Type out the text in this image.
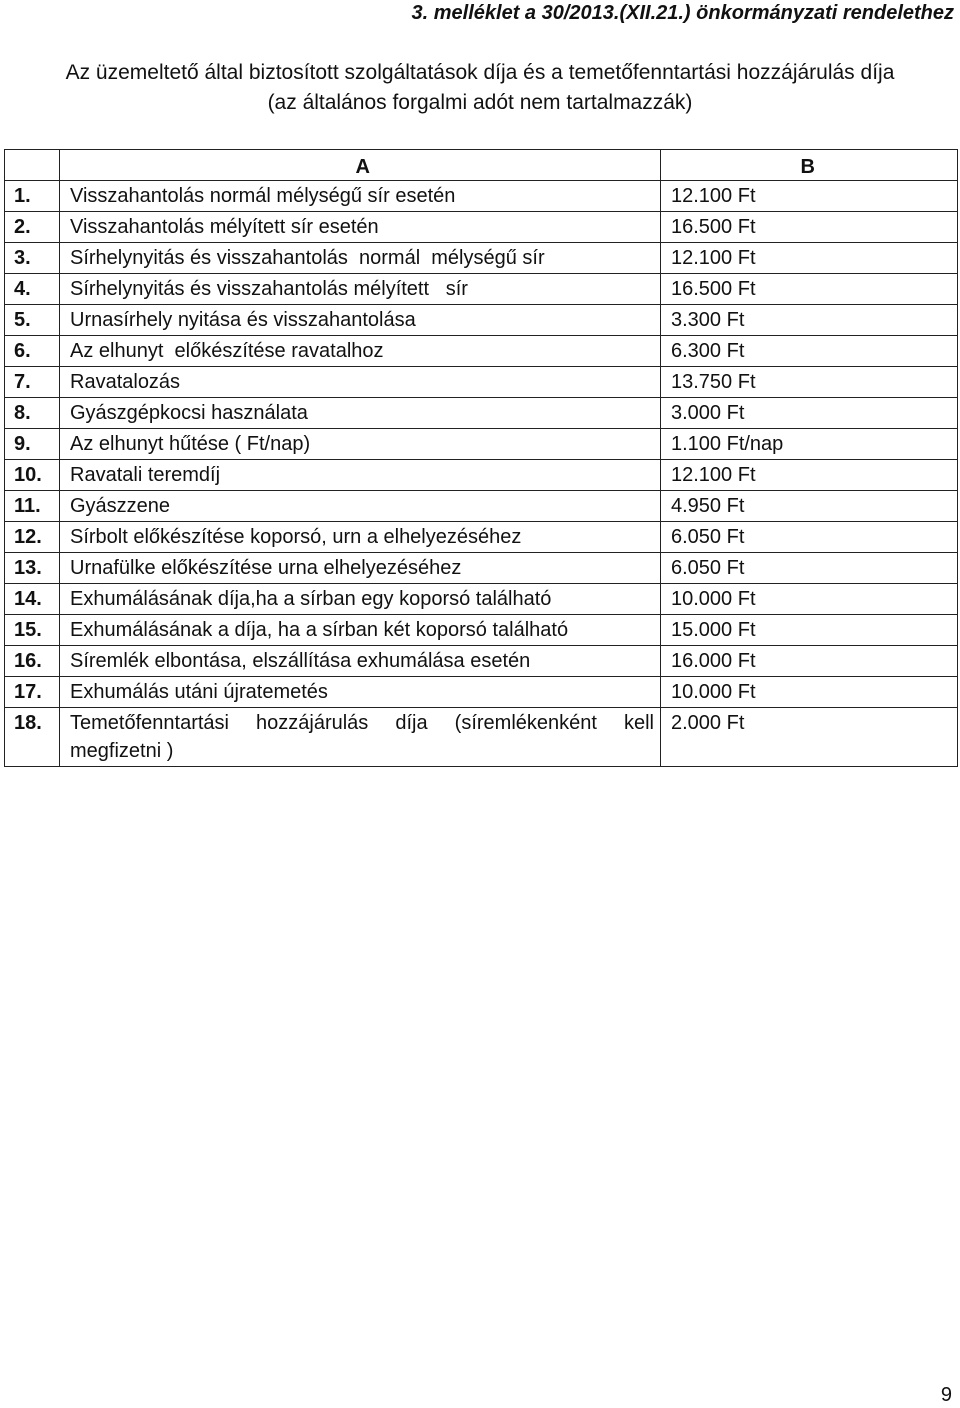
3. melléklet a 30/2013.(XII.21.) önkormányzati rendelethez
Az üzemeltető által biztosított szolgáltatások díja és a temetőfenntartási hozzájárulás díja
(az általános forgalmi adót nem tartalmazzák)
	A	B
1.	Visszahantolás normál mélységű sír esetén	12.100 Ft
2.	Visszahantolás mélyített sír esetén	16.500 Ft
3.	Sírhelynyitás és visszahantolás  normál  mélységű sír	12.100 Ft
4.	Sírhelynyitás és visszahantolás mélyített   sír	16.500 Ft
5.	Urnasírhely nyitása és visszahantolása	3.300 Ft
6.	Az elhunyt  előkészítése ravatalhoz	6.300 Ft
7.	Ravatalozás	13.750 Ft
8.	Gyászgépkocsi használata	3.000 Ft
9.	Az elhunyt hűtése ( Ft/nap)	1.100 Ft/nap
10.	Ravatali teremdíj	12.100 Ft
11.	Gyászzene	4.950 Ft
12.	Sírbolt előkészítése koporsó, urn a elhelyezéséhez	6.050 Ft
13.	Urnafülke előkészítése urna elhelyezéséhez	6.050 Ft
14.	Exhumálásának díja,ha a sírban egy koporsó található	10.000 Ft
15.	Exhumálásának a díja, ha a sírban két koporsó található	15.000 Ft
16.	Síremlék elbontása, elszállítása exhumálása esetén	16.000 Ft
17.	Exhumálás utáni újratemetés	10.000 Ft
18.	Temetőfenntartási hozzájárulás díja (síremlékenként kell megfizetni )	2.000 Ft
9
